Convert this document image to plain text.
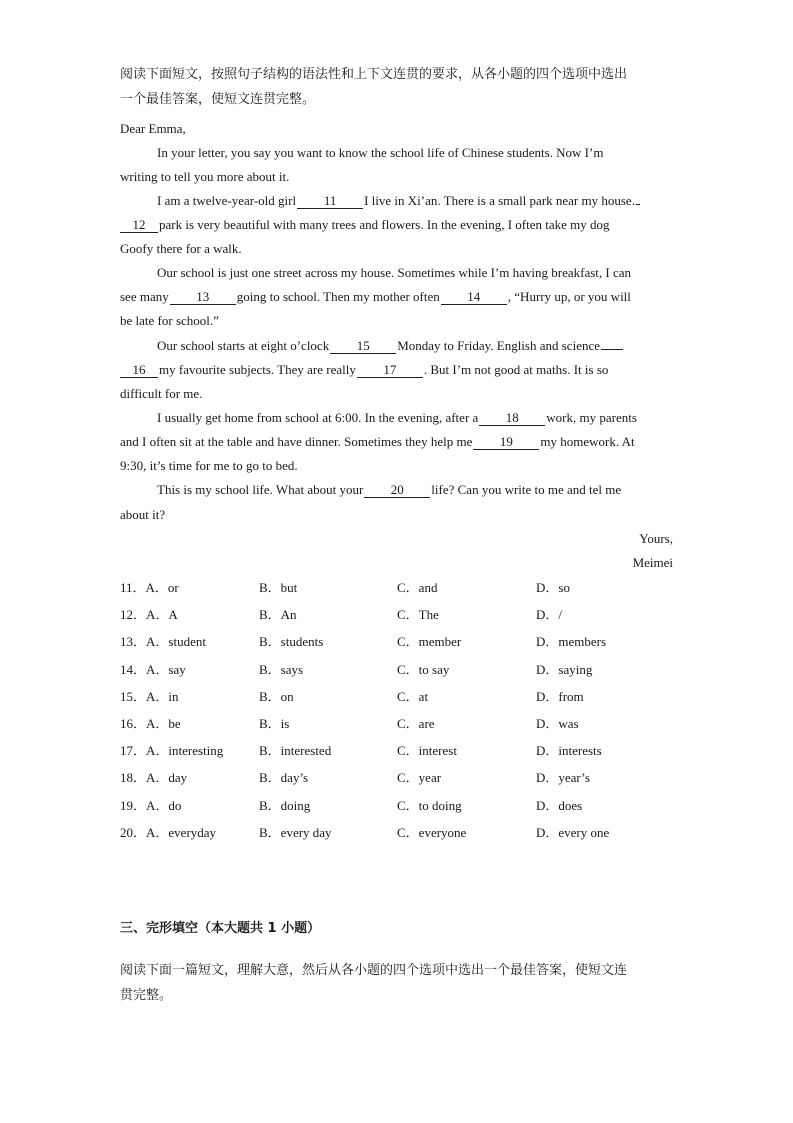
阅读下面短文，按照句子结构的语法性和上下文连贯的要求，从各小题的四个选项中选出
一个最佳答案，使短文连贯完整。
Dear Emma,
In your letter, you say you want to know the school life of Chinese students. Now I’m
writing to tell you more about it.
I am a twelve-year-old girl 11 I live in Xi’an. There is a small park near my house.
12 park is very beautiful with many trees and flowers. In the evening, I often take my dog
Goofy there for a walk.
Our school is just one street across my house. Sometimes while I’m having breakfast, I can
see many 13 going to school. Then my mother often 14 , “Hurry up, or you will
be late for school.”
Our school starts at eight o’clock 15 Monday to Friday. English and science
16 my favourite subjects. They are really 17 . But I’m not good at maths. It is so
difficult for me.
I usually get home from school at 6:00. In the evening, after a 18 work, my parents
and I often sit at the table and have dinner. Sometimes they help me 19 my homework. At
9:30, it’s time for me to go to bed.
This is my school life. What about your 20 life? Can you write to me and tel me
about it?
Yours,
Meimei
11．A．or	B．but	C．and	D．so
12．A．A	B．An	C．The	D．/
13．A．student	B．students	C．member	D．members
14．A．say	B．says	C．to say	D．saying
15．A．in	B．on	C．at	D．from
16．A．be	B．is	C．are	D．was
17．A．interesting	B．interested	C．interest	D．interests
18．A．day	B．day’s	C．year	D．year’s
19．A．do	B．doing	C．to doing	D．does
20．A．everyday	B．every day	C．everyone	D．every one
三、完形填空（本大题共 1 小题）
阅读下面一篇短文，理解大意，然后从各小题的四个选项中选出一个最佳答案，使短文连
贯完整。
